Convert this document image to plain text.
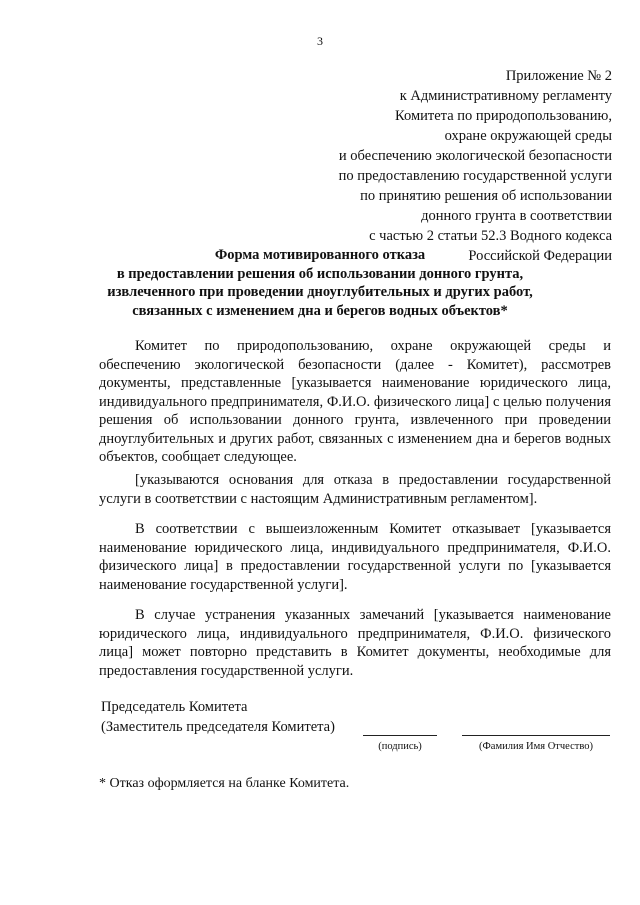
3
Приложение № 2
к Административному регламенту
Комитета по природопользованию,
охране окружающей среды
и обеспечению экологической безопасности
по предоставлению государственной услуги
по принятию решения об использовании
донного грунта в соответствии
с частью 2 статьи 52.3 Водного кодекса
Российской Федерации
Форма мотивированного отказа
в предоставлении решения об использовании донного грунта,
извлеченного при проведении дноуглубительных и других работ,
связанных с изменением дна и берегов водных объектов*

Комитет по природопользованию, охране окружающей среды и обеспечению экологической безопасности (далее - Комитет), рассмотрев документы, представленные [указывается наименование юридического лица, индивидуального предпринимателя, Ф.И.О. физического лица] с целью получения решения об использовании донного грунта, извлеченного при проведении дноуглубительных и других работ, связанных с изменением дна и берегов водных объектов, сообщает следующее.

[указываются основания для отказа в предоставлении государственной услуги в соответствии с настоящим Административным регламентом].

В соответствии с вышеизложенным Комитет отказывает [указывается наименование юридического лица, индивидуального предпринимателя, Ф.И.О. физического лица] в предоставлении государственной услуги по [указывается наименование государственной услуги].

В случае устранения указанных замечаний [указывается наименование юридического лица, индивидуального предпринимателя, Ф.И.О. физического лица] может повторно представить в Комитет документы, необходимые для предоставления государственной услуги.

Председатель Комитета
(Заместитель председателя Комитета)
(подпись)	(Фамилия Имя Отчество)
* Отказ оформляется на бланке Комитета.
